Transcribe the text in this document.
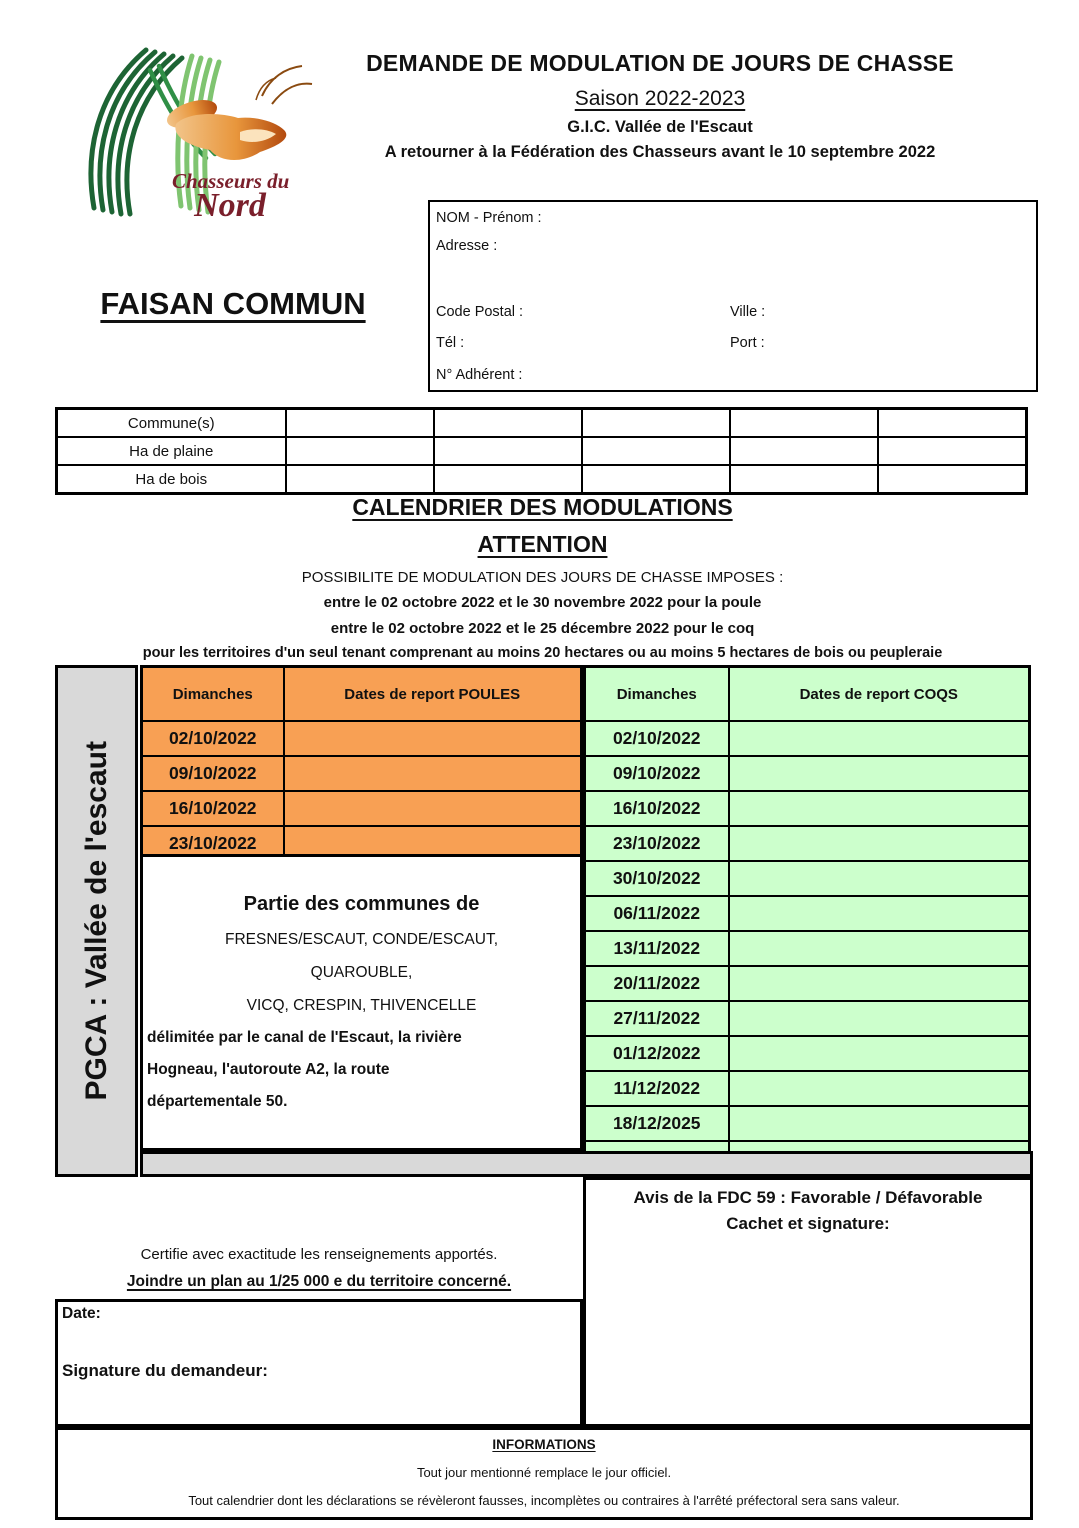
Chasseurs du
Nord
DEMANDE DE MODULATION DE JOURS DE CHASSE
Saison 2022-2023
G.I.C. Vallée de l'Escaut
A retourner à la Fédération des Chasseurs avant le 10 septembre 2022
NOM - Prénom :
Adresse :
Code Postal :	Ville :
Tél :	Port :
N° Adhérent :
FAISAN COMMUN
Commune(s)					
Ha de plaine					
Ha de bois					
CALENDRIER DES MODULATIONS
ATTENTION
POSSIBILITE DE MODULATION DES JOURS DE CHASSE IMPOSES :
entre le 02 octobre 2022 et le 30 novembre 2022 pour la poule
entre le 02 octobre 2022 et le 25 décembre 2022 pour le coq
pour les territoires d'un seul tenant comprenant au moins 20 hectares ou au moins 5 hectares de bois ou peupleraie
PGCA : Vallée de l'escaut
Dimanches	Dates de report POULES
02/10/2022	
09/10/2022	
16/10/2022	
23/10/2022	
Dimanches	Dates de report COQS
02/10/2022	
09/10/2022	
16/10/2022	
23/10/2022	
30/10/2022	
06/11/2022	
13/11/2022	
20/11/2022	
27/11/2022	
01/12/2022	
11/12/2022	
18/12/2025	

Partie des communes de
FRESNES/ESCAUT, CONDE/ESCAUT,
QUAROUBLE,
VICQ, CRESPIN, THIVENCELLE
délimitée par le canal de l'Escaut, la rivière
Hogneau, l'autoroute A2, la route
départementale 50.
Avis de la FDC 59 : Favorable / Défavorable
Cachet et signature:
Certifie avec exactitude les renseignements apportés.
Joindre un plan au 1/25 000 e du territoire concerné.
Date:
Signature du demandeur:
INFORMATIONS
Tout jour mentionné remplace le jour officiel.
Tout calendrier dont les déclarations se révèleront fausses, incomplètes ou contraires à l'arrêté préfectoral sera sans valeur.
